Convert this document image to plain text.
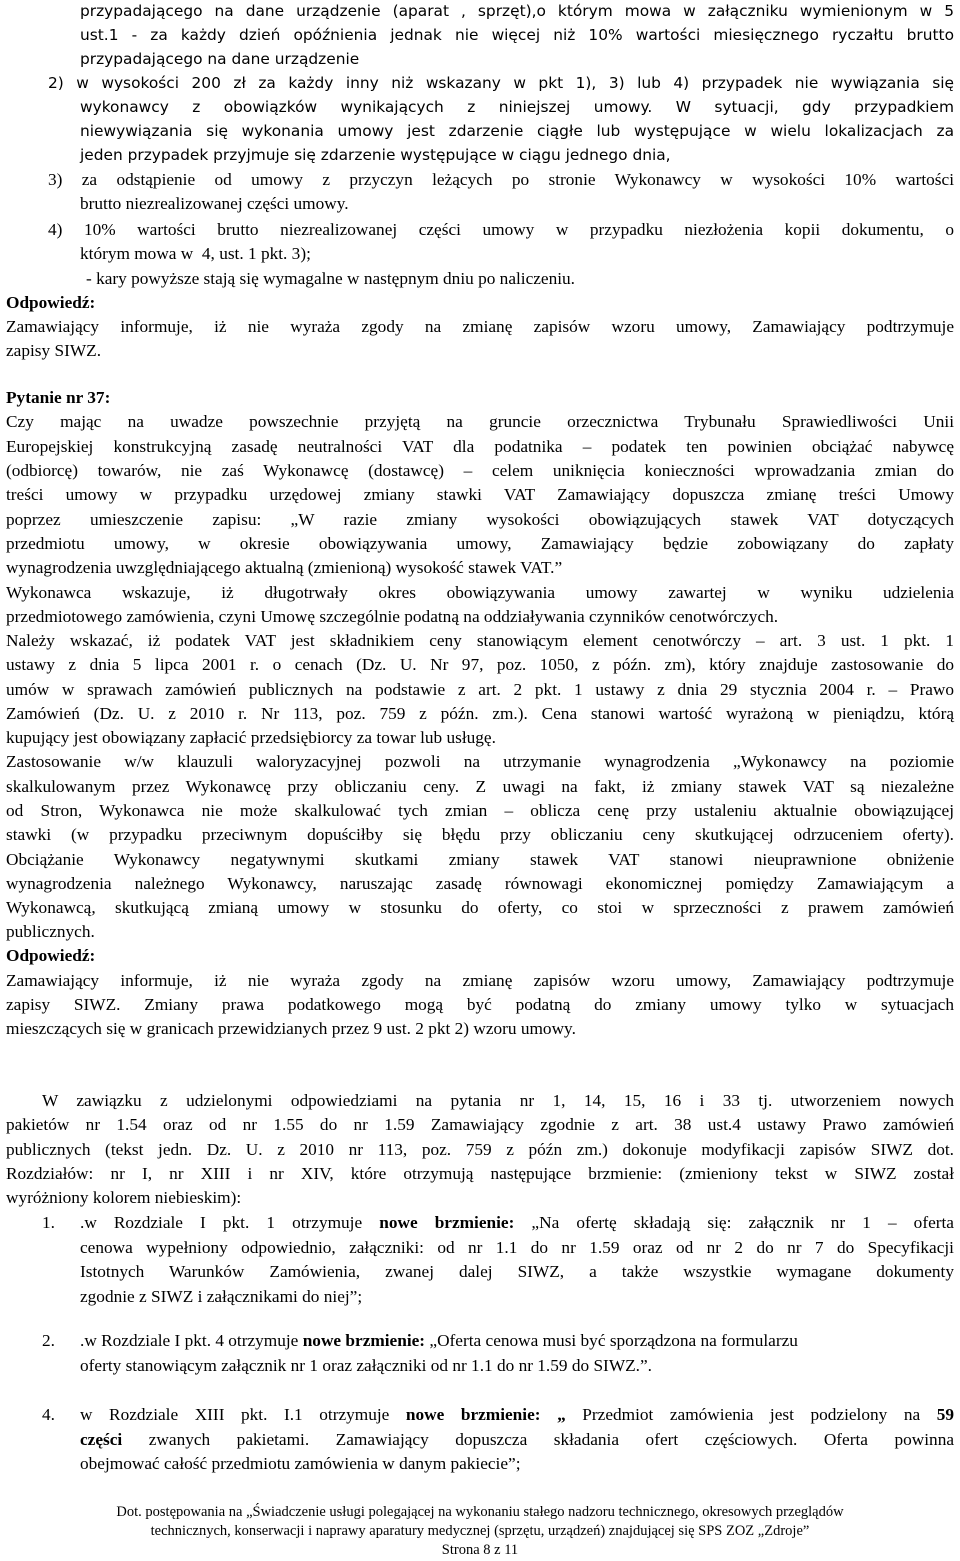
przypadającego na dane urządzenie (aparat , sprzęt),o którym mowa w załączniku wymienionym w 5
ust.1 - za każdy dzień opóźnienia jednak nie więcej niż 10% wartości miesięcznego ryczałtu brutto
przypadającego na dane urządzenie
2) w wysokości 200 zł za każdy inny niż wskazany w pkt 1), 3) lub 4) przypadek nie wywiązania się
wykonawcy z obowiązków wynikających z niniejszej umowy. W sytuacji, gdy przypadkiem
niewywiązania się wykonania umowy jest zdarzenie ciągłe lub występujące w wielu lokalizacjach za
jeden przypadek przyjmuje się zdarzenie występujące w ciągu jednego dnia,
3) za odstąpienie od umowy z przyczyn leżących po stronie Wykonawcy w wysokości 10% wartości
brutto niezrealizowanej części umowy.
4) 10% wartości brutto niezrealizowanej części umowy w przypadku niezłożenia kopii dokumentu, o
którym mowa w  4, ust. 1 pkt. 3);
- kary powyższe stają się wymagalne w następnym dniu po naliczeniu.
Odpowiedź:
Zamawiający informuje, iż nie wyraża zgody na zmianę zapisów wzoru umowy, Zamawiający podtrzymuje
zapisy SIWZ.
Pytanie nr 37:
Czy mając na uwadze powszechnie przyjętą na gruncie orzecznictwa Trybunału Sprawiedliwości Unii
Europejskiej konstrukcyjną zasadę neutralności VAT dla podatnika – podatek ten powinien obciążać nabywcę
(odbiorcę) towarów, nie zaś Wykonawcę (dostawcę) – celem uniknięcia konieczności wprowadzania zmian do
treści umowy w przypadku urzędowej zmiany stawki VAT Zamawiający dopuszcza zmianę treści Umowy
poprzez umieszczenie zapisu: „W razie zmiany wysokości obowiązujących stawek VAT dotyczących
przedmiotu umowy, w okresie obowiązywania umowy, Zamawiający będzie zobowiązany do zapłaty
wynagrodzenia uwzględniającego aktualną (zmienioną) wysokość stawek VAT.”
Wykonawca wskazuje, iż długotrwały okres obowiązywania umowy zawartej w wyniku udzielenia
przedmiotowego zamówienia, czyni Umowę szczególnie podatną na oddziaływania czynników cenotwórczych.
Należy wskazać, iż podatek VAT jest składnikiem ceny stanowiącym element cenotwórczy – art. 3 ust. 1 pkt. 1
ustawy z dnia 5 lipca 2001 r. o cenach (Dz. U. Nr 97, poz. 1050, z późn. zm), który znajduje zastosowanie do
umów w sprawach zamówień publicznych na podstawie z art. 2 pkt. 1 ustawy z dnia 29 stycznia 2004 r. – Prawo
Zamówień (Dz. U. z 2010 r. Nr 113, poz. 759 z późn. zm.). Cena stanowi wartość wyrażoną w pieniądzu, którą
kupujący jest obowiązany zapłacić przedsiębiorcy za towar lub usługę.
Zastosowanie w/w klauzuli waloryzacyjnej pozwoli na utrzymanie wynagrodzenia „Wykonawcy na poziomie
skalkulowanym przez Wykonawcę przy obliczaniu ceny. Z uwagi na fakt, iż zmiany stawek VAT są niezależne
od Stron, Wykonawca nie może skalkulować tych zmian – oblicza cenę przy ustaleniu aktualnie obowiązującej
stawki (w przypadku przeciwnym dopuściłby się błędu przy obliczaniu ceny skutkującej odrzuceniem oferty).
Obciążanie Wykonawcy negatywnymi skutkami zmiany stawek VAT stanowi nieuprawnione obniżenie
wynagrodzenia należnego Wykonawcy, naruszając zasadę równowagi ekonomicznej pomiędzy Zamawiającym a
Wykonawcą, skutkującą zmianą umowy w stosunku do oferty, co stoi w sprzeczności z prawem zamówień
publicznych.
Odpowiedź:
Zamawiający informuje, iż nie wyraża zgody na zmianę zapisów wzoru umowy, Zamawiający podtrzymuje
zapisy SIWZ. Zmiany prawa podatkowego mogą być podatną do zmiany umowy tylko w sytuacjach
mieszczących się w granicach przewidzianych przez 9 ust. 2 pkt 2) wzoru umowy.
W zawiązku z udzielonymi odpowiedziami na pytania nr 1, 14, 15, 16 i 33 tj. utworzeniem nowych
pakietów nr 1.54 oraz od nr 1.55 do nr 1.59 Zamawiający zgodnie z art. 38 ust.4 ustawy Prawo zamówień
publicznych (tekst jedn. Dz. U. z 2010 nr 113, poz. 759 z późn zm.) dokonuje modyfikacji zapisów SIWZ dot.
Rozdziałów: nr I, nr XIII i nr XIV, które otrzymują następujące brzmienie: (zmieniony tekst w SIWZ został
wyróżniony kolorem niebieskim):
1. .w Rozdziale I pkt. 1 otrzymuje nowe brzmienie: „Na ofertę składają się: załącznik nr 1 – oferta
cenowa wypełniony odpowiednio, załączniki: od nr 1.1 do nr 1.59 oraz od nr 2 do nr 7 do Specyfikacji
Istotnych Warunków Zamówienia, zwanej dalej SIWZ, a także wszystkie wymagane dokumenty
zgodnie z SIWZ i załącznikami do niej”;
2. .w Rozdziale I pkt. 4 otrzymuje nowe brzmienie: „Oferta cenowa musi być sporządzona na formularzu
oferty stanowiącym załącznik nr 1 oraz załączniki od nr 1.1 do nr 1.59 do SIWZ.”.
4. w Rozdziale XIII pkt. I.1 otrzymuje nowe brzmienie: „ Przedmiot zamówienia jest podzielony na 59
części zwanych pakietami. Zamawiający dopuszcza składania ofert częściowych. Oferta powinna
obejmować całość przedmiotu zamówienia w danym pakiecie”;
Dot. postępowania na „Świadczenie usługi polegającej na wykonaniu stałego nadzoru technicznego, okresowych przeglądów
technicznych, konserwacji i naprawy aparatury medycznej (sprzętu, urządzeń) znajdującej się SPS ZOZ „Zdroje”
Strona 8 z 11
